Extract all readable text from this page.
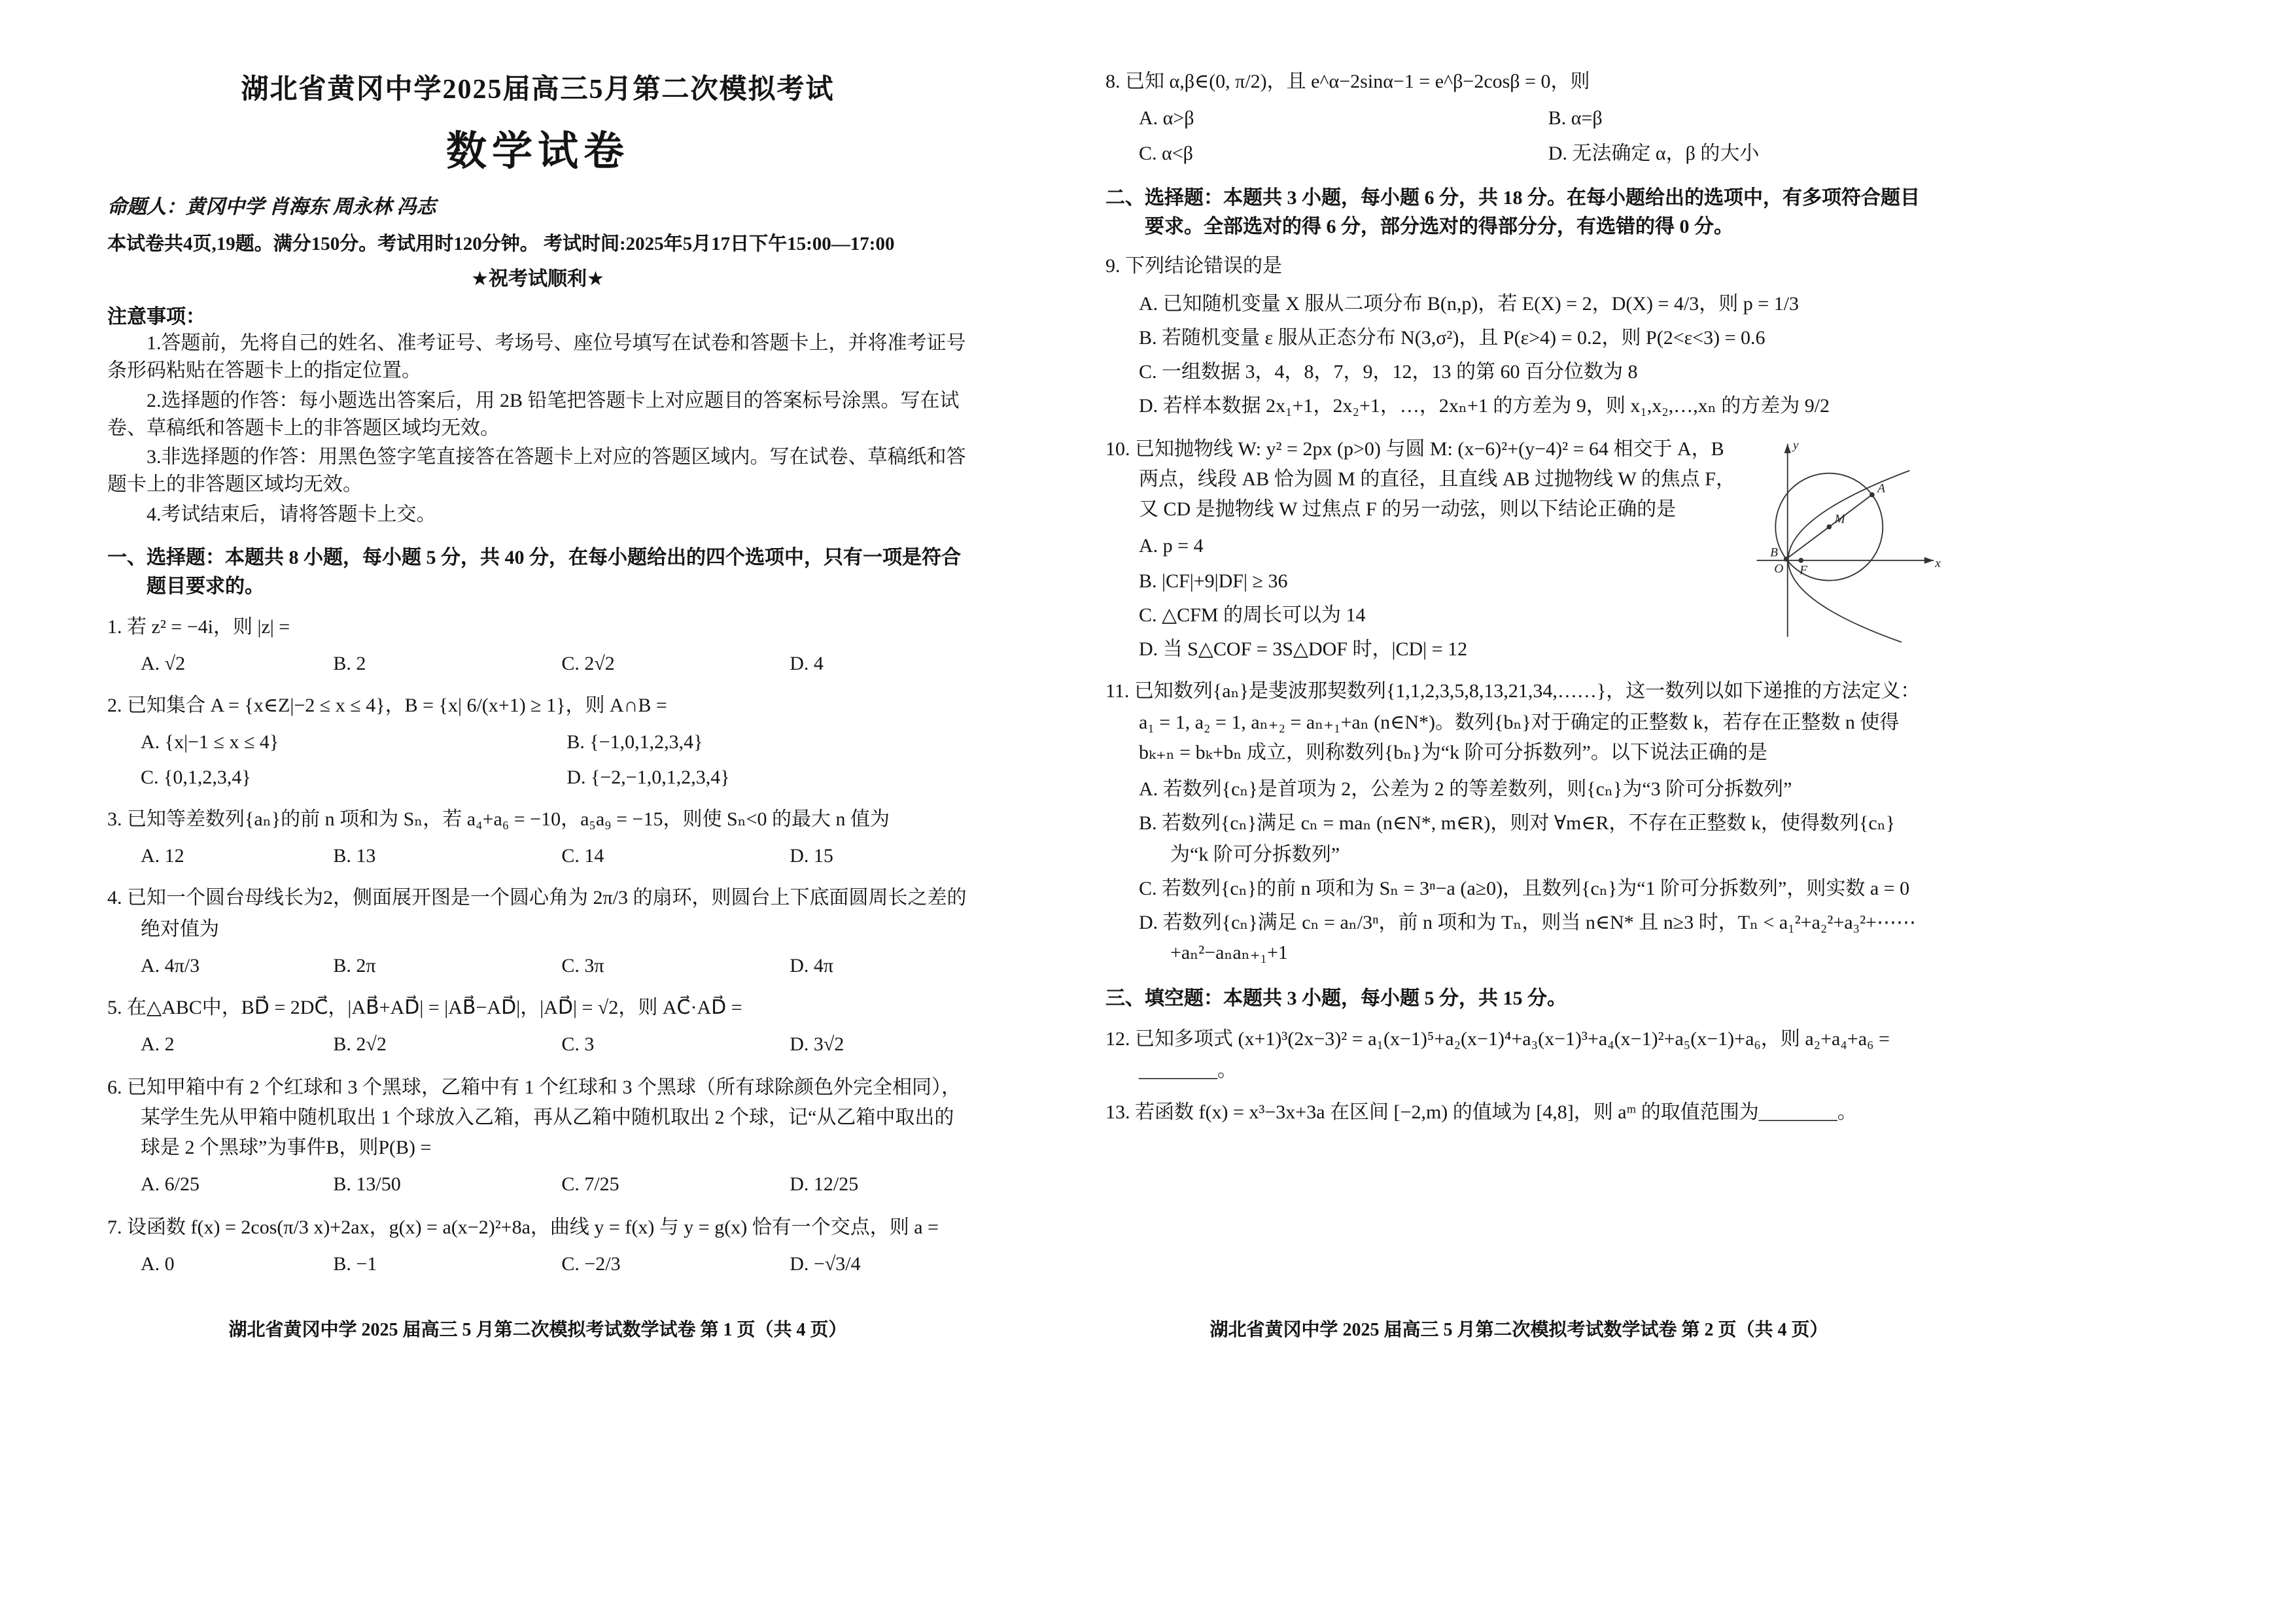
湖北省黄冈中学2025届高三5月第二次模拟考试
数学试卷
命题人：黄冈中学 肖海东 周永林 冯志
本试卷共4页,19题。满分150分。考试用时120分钟。 考试时间:2025年5月17日下午15:00—17:00
★祝考试顺利★
注意事项：
1.答题前，先将自己的姓名、准考证号、考场号、座位号填写在试卷和答题卡上，并将准考证号条形码粘贴在答题卡上的指定位置。
2.选择题的作答：每小题选出答案后，用 2B 铅笔把答题卡上对应题目的答案标号涂黑。写在试卷、草稿纸和答题卡上的非答题区域均无效。
3.非选择题的作答：用黑色签字笔直接答在答题卡上对应的答题区域内。写在试卷、草稿纸和答题卡上的非答题区域均无效。
4.考试结束后，请将答题卡上交。
一、选择题：本题共 8 小题，每小题 5 分，共 40 分，在每小题给出的四个选项中，只有一项是符合题目要求的。
1. 若 z² = −4i，则 |z| =
A. √2	B. 2	C. 2√2	D. 4
2. 已知集合 A = {x∈Z|−2 ≤ x ≤ 4}，B = {x| 6/(x+1) ≥ 1}，则 A∩B =
A. {x|−1 ≤ x ≤ 4}	B. {−1,0,1,2,3,4}
C. {0,1,2,3,4}	D. {−2,−1,0,1,2,3,4}
3. 已知等差数列{aₙ}的前 n 项和为 Sₙ，若 a₄+a₆ = −10，a₅a₉ = −15，则使 Sₙ<0 的最大 n 值为
A. 12	B. 13	C. 14	D. 15
4. 已知一个圆台母线长为2，侧面展开图是一个圆心角为 2π/3 的扇环，则圆台上下底面圆周长之差的绝对值为
A. 4π/3	B. 2π	C. 3π	D. 4π
5. 在△ABC中，BD⃗ = 2DC⃗，|AB⃗+AD⃗| = |AB⃗−AD⃗|，|AD⃗| = √2，则 AC⃗·AD⃗ =
A. 2	B. 2√2	C. 3	D. 3√2
6. 已知甲箱中有 2 个红球和 3 个黑球，乙箱中有 1 个红球和 3 个黑球（所有球除颜色外完全相同），某学生先从甲箱中随机取出 1 个球放入乙箱，再从乙箱中随机取出 2 个球，记“从乙箱中取出的球是 2 个黑球”为事件B，则P(B) =
A. 6/25	B. 13/50	C. 7/25	D. 12/25
7. 设函数 f(x) = 2cos(π/3 x)+2ax，g(x) = a(x−2)²+8a，曲线 y = f(x) 与 y = g(x) 恰有一个交点，则 a =
A. 0	B. −1	C. −2/3	D. −√3/4
湖北省黄冈中学 2025 届高三 5 月第二次模拟考试数学试卷 第 1 页（共 4 页）
8. 已知 α,β∈(0, π/2)，且 e^α−2sinα−1 = e^β−2cosβ = 0，则
A. α>β	B. α=β
C. α<β	D. 无法确定 α，β 的大小
二、选择题：本题共 3 小题，每小题 6 分，共 18 分。在每小题给出的选项中，有多项符合题目要求。全部选对的得 6 分，部分选对的得部分分，有选错的得 0 分。
9. 下列结论错误的是
A. 已知随机变量 X 服从二项分布 B(n,p)，若 E(X) = 2，D(X) = 4/3，则 p = 1/3
B. 若随机变量 ε 服从正态分布 N(3,σ²)，且 P(ε>4) = 0.2，则 P(2<ε<3) = 0.6
C. 一组数据 3，4，8，7，9，12，13 的第 60 百分位数为 8
D. 若样本数据 2x₁+1，2x₂+1，…，2xₙ+1 的方差为 9，则 x₁,x₂,…,xₙ 的方差为 9/2
10. 已知抛物线 W: y² = 2px (p>0) 与圆 M: (x−6)²+(y−4)² = 64 相交于 A，B 两点，线段 AB 恰为圆 M 的直径，且直线 AB 过抛物线 W 的焦点 F，又 CD 是抛物线 W 过焦点 F 的另一动弦，则以下结论正确的是
A. p = 4
B. |CF|+9|DF| ≥ 36
C. △CFM 的周长可以为 14
D. 当 S△COF = 3S△DOF 时，|CD| = 12
y
A
M
O	F	x
B
11. 已知数列{aₙ}是斐波那契数列{1,1,2,3,5,8,13,21,34,……}，这一数列以如下递推的方法定义：a₁ = 1, a₂ = 1, aₙ₊₂ = aₙ₊₁+aₙ (n∈N*)。数列{bₙ}对于确定的正整数 k，若存在正整数 n 使得 bₖ₊ₙ = bₖ+bₙ 成立，则称数列{bₙ}为“k 阶可分拆数列”。以下说法正确的是
A. 若数列{cₙ}是首项为 2，公差为 2 的等差数列，则{cₙ}为“3 阶可分拆数列”
B. 若数列{cₙ}满足 cₙ = maₙ (n∈N*, m∈R)，则对 ∀m∈R，不存在正整数 k，使得数列{cₙ}为“k 阶可分拆数列”
C. 若数列{cₙ}的前 n 项和为 Sₙ = 3ⁿ−a (a≥0)，且数列{cₙ}为“1 阶可分拆数列”，则实数 a = 0
D. 若数列{cₙ}满足 cₙ = aₙ/3ⁿ，前 n 项和为 Tₙ，则当 n∈N* 且 n≥3 时，Tₙ < a₁²+a₂²+a₃²+⋯⋯+aₙ²−aₙaₙ₊₁+1
三、填空题：本题共 3 小题，每小题 5 分，共 15 分。
12. 已知多项式 (x+1)³(2x−3)² = a₁(x−1)⁵+a₂(x−1)⁴+a₃(x−1)³+a₄(x−1)²+a₅(x−1)+a₆，则 a₂+a₄+a₆ = ________。
13. 若函数 f(x) = x³−3x+3a 在区间 [−2,m) 的值域为 [4,8]，则 aᵐ 的取值范围为________。
湖北省黄冈中学 2025 届高三 5 月第二次模拟考试数学试卷 第 2 页（共 4 页）
